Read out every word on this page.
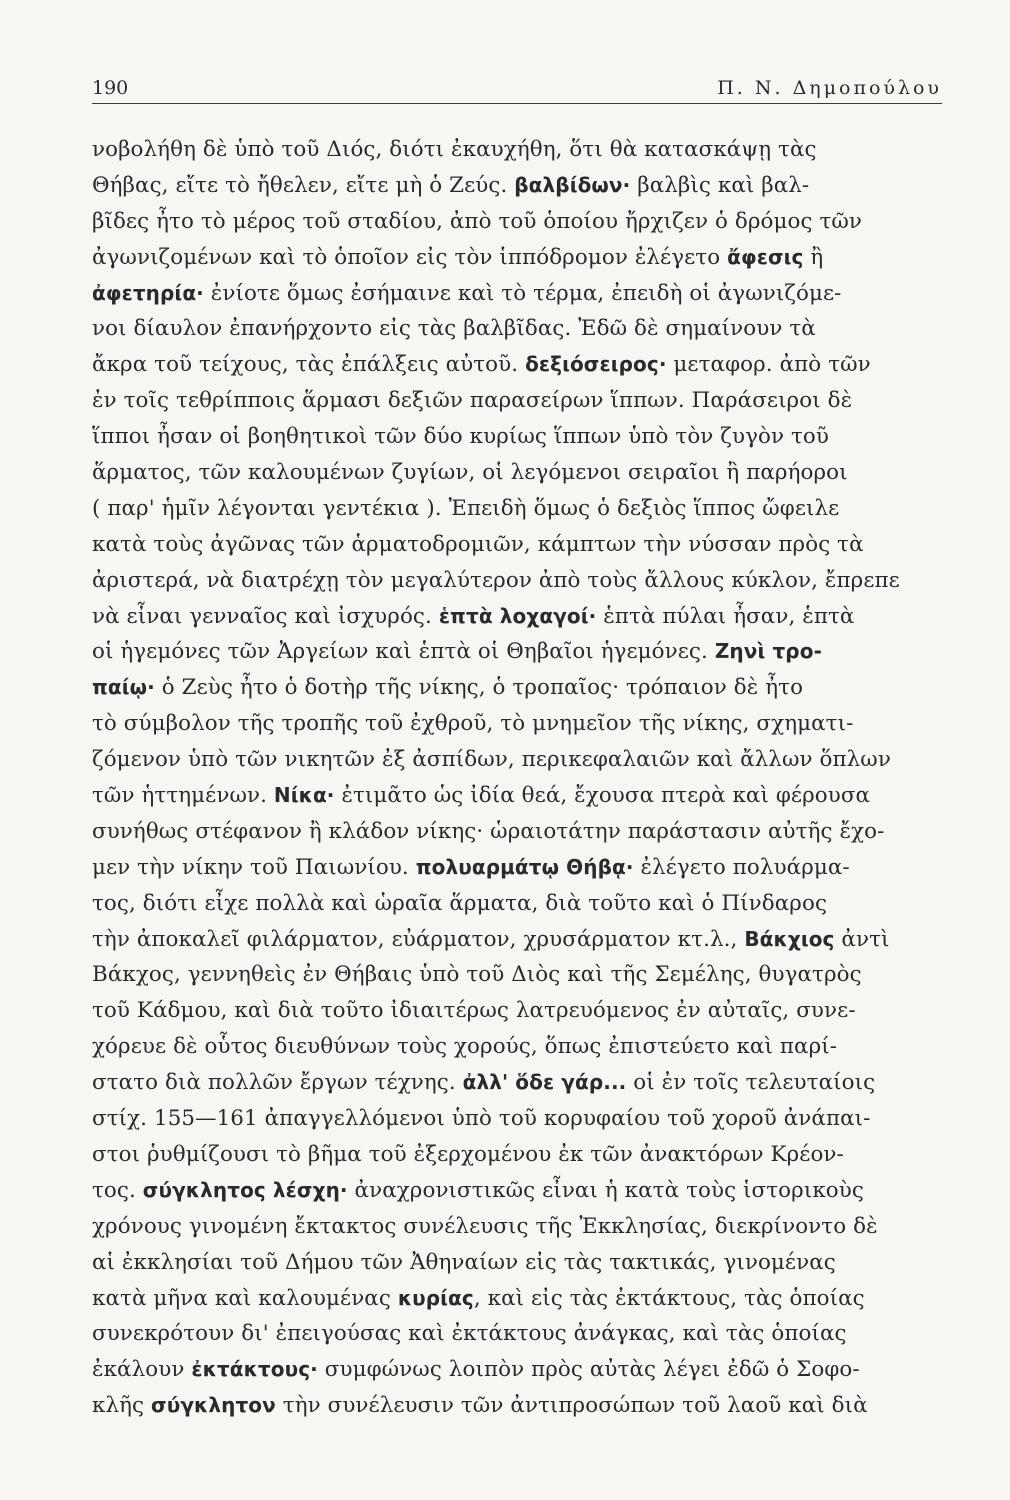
190	Π. Ν. Δημοπούλου
νοβολήθη δὲ ὑπὸ τοῦ Διός, διότι ἐκαυχήθη, ὅτι θὰ κατασκάψῃ τὰς
Θήβας, εἴτε τὸ ἤθελεν, εἴτε μὴ ὁ Ζεύς. βαλβίδων· βαλβὶς καὶ βαλ-
βῖδες ἦτο τὸ μέρος τοῦ σταδίου, ἀπὸ τοῦ ὁποίου ἤρχιζεν ὁ δρόμος τῶν
ἀγωνιζομένων καὶ τὸ ὁποῖον εἰς τὸν ἱππόδρομον ἐλέγετο ἄφεσις ἢ
ἀφετηρία· ἐνίοτε ὅμως ἐσήμαινε καὶ τὸ τέρμα, ἐπειδὴ οἱ ἀγωνιζόμε-
νοι δίαυλον ἐπανήρχοντο εἰς τὰς βαλβῖδας. Ἐδῶ δὲ σημαίνουν τὰ
ἄκρα τοῦ τείχους, τὰς ἐπάλξεις αὐτοῦ. δεξιόσειρος· μεταφορ. ἀπὸ τῶν
ἐν τοῖς τεθρίπποις ἅρμασι δεξιῶν παρασείρων ἵππων. Παράσειροι δὲ
ἵπποι ἦσαν οἱ βοηθητικοὶ τῶν δύο κυρίως ἵππων ὑπὸ τὸν ζυγὸν τοῦ
ἅρματος, τῶν καλουμένων ζυγίων, οἱ λεγόμενοι σειραῖοι ἢ παρήοροι
( παρ' ἡμῖν λέγονται γεντέκια ). Ἐπειδὴ ὅμως ὁ δεξιὸς ἵππος ὤφειλε
κατὰ τοὺς ἀγῶνας τῶν ἁρματοδρομιῶν, κάμπτων τὴν νύσσαν πρὸς τὰ
ἀριστερά, νὰ διατρέχῃ τὸν μεγαλύτερον ἀπὸ τοὺς ἄλλους κύκλον, ἔπρεπε
νὰ εἶναι γενναῖος καὶ ἰσχυρός. ἑπτὰ λοχαγοί· ἑπτὰ πύλαι ἦσαν, ἑπτὰ
οἱ ἡγεμόνες τῶν Ἀργείων καὶ ἑπτὰ οἱ Θηβαῖοι ἡγεμόνες. Ζηνὶ τρο-
παίῳ· ὁ Ζεὺς ἦτο ὁ δοτὴρ τῆς νίκης, ὁ τροπαῖος· τρόπαιον δὲ ἦτο
τὸ σύμβολον τῆς τροπῆς τοῦ ἐχθροῦ, τὸ μνημεῖον τῆς νίκης, σχηματι-
ζόμενον ὑπὸ τῶν νικητῶν ἐξ ἀσπίδων, περικεφαλαιῶν καὶ ἄλλων ὅπλων
τῶν ἡττημένων. Νίκα· ἐτιμᾶτο ὡς ἰδία θεά, ἔχουσα πτερὰ καὶ φέρουσα
συνήθως στέφανον ἢ κλάδον νίκης· ὡραιοτάτην παράστασιν αὐτῆς ἔχο-
μεν τὴν νίκην τοῦ Παιωνίου. πολυαρμάτῳ Θήβᾳ· ἐλέγετο πολυάρμα-
τος, διότι εἶχε πολλὰ καὶ ὡραῖα ἅρματα, διὰ τοῦτο καὶ ὁ Πίνδαρος
τὴν ἀποκαλεῖ φιλάρματον, εὐάρματον, χρυσάρματον κτ.λ., Βάκχιος ἀντὶ
Βάκχος, γεννηθεὶς ἐν Θήβαις ὑπὸ τοῦ Διὸς καὶ τῆς Σεμέλης, θυγατρὸς
τοῦ Κάδμου, καὶ διὰ τοῦτο ἰδιαιτέρως λατρευόμενος ἐν αὐταῖς, συνε-
χόρευε δὲ οὗτος διευθύνων τοὺς χορούς, ὅπως ἐπιστεύετο καὶ παρί-
στατο διὰ πολλῶν ἔργων τέχνης. ἀλλ' ὅδε γάρ... οἱ ἐν τοῖς τελευταίοις
στίχ. 155—161 ἀπαγγελλόμενοι ὑπὸ τοῦ κορυφαίου τοῦ χοροῦ ἀνάπαι-
στοι ῥυθμίζουσι τὸ βῆμα τοῦ ἐξερχομένου ἐκ τῶν ἀνακτόρων Κρέον-
τος. σύγκλητος λέσχη· ἀναχρονιστικῶς εἶναι ἡ κατὰ τοὺς ἱστορικοὺς
χρόνους γινομένη ἔκτακτος συνέλευσις τῆς Ἐκκλησίας, διεκρίνοντο δὲ
αἱ ἐκκλησίαι τοῦ Δήμου τῶν Ἀθηναίων εἰς τὰς τακτικάς, γινομένας
κατὰ μῆνα καὶ καλουμένας κυρίας, καὶ εἰς τὰς ἐκτάκτους, τὰς ὁποίας
συνεκρότουν δι' ἐπειγούσας καὶ ἐκτάκτους ἀνάγκας, καὶ τὰς ὁποίας
ἐκάλουν ἐκτάκτους· συμφώνως λοιπὸν πρὸς αὐτὰς λέγει ἐδῶ ὁ Σοφο-
κλῆς σύγκλητον τὴν συνέλευσιν τῶν ἀντιπροσώπων τοῦ λαοῦ καὶ διὰ
